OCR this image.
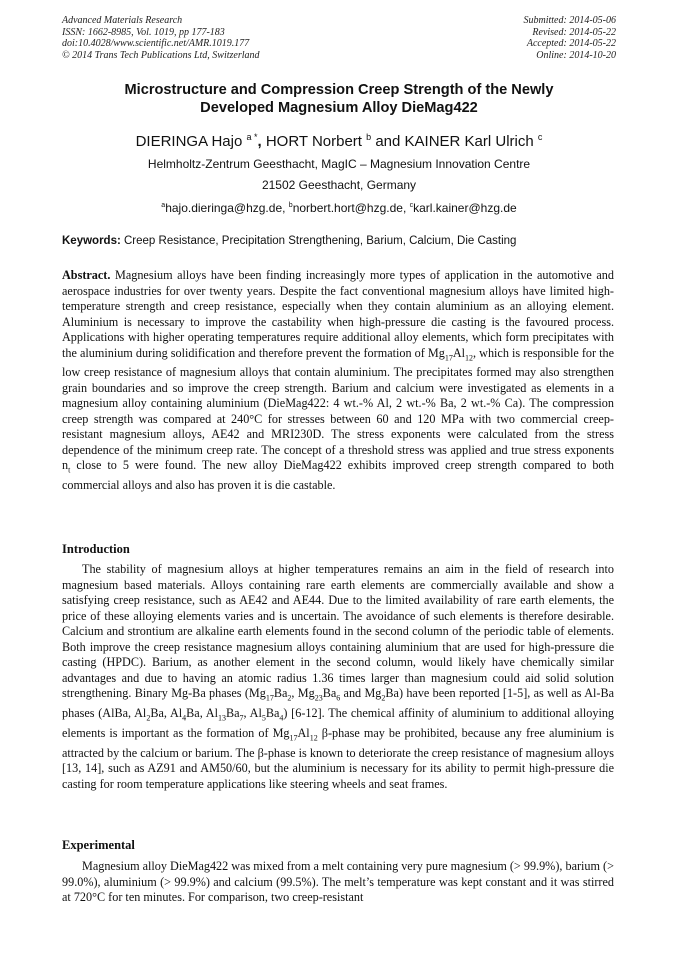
Advanced Materials Research
ISSN: 1662-8985, Vol. 1019, pp 177-183
doi:10.4028/www.scientific.net/AMR.1019.177
© 2014 Trans Tech Publications Ltd, Switzerland
Submitted: 2014-05-06
Revised: 2014-05-22
Accepted: 2014-05-22
Online: 2014-10-20
Microstructure and Compression Creep Strength of the Newly
Developed Magnesium Alloy DieMag422
DIERINGA Hajo $^{a *}$, HORT Norbert $^b$ and KAINER Karl Ulrich $^c$
Helmholtz-Zentrum Geesthacht, MagIC – Magnesium Innovation Centre
21502 Geesthacht, Germany
$^a$hajo.dieringa@hzg.de, $^b$norbert.hort@hzg.de, $^c$karl.kainer@hzg.de
Keywords: Creep Resistance, Precipitation Strengthening, Barium, Calcium, Die Casting

Abstract. Magnesium alloys have been finding increasingly more types of application in the automotive and aerospace industries for over twenty years. Despite the fact conventional magnesium alloys have limited high-temperature strength and creep resistance, especially when they contain aluminium as an alloying element. Aluminium is necessary to improve the castability when high-pressure die casting is the favoured process. Applications with higher operating temperatures require additional alloy elements, which form precipitates with the aluminium during solidification and therefore prevent the formation of $Mg_{17}Al_{12}$, which is responsible for the low creep resistance of magnesium alloys that contain aluminium. The precipitates formed may also strengthen grain boundaries and so improve the creep strength. Barium and calcium were investigated as elements in a magnesium alloy containing aluminium (DieMag422: 4 wt.-% Al, 2 wt.-% Ba, 2 wt.-% Ca). The compression creep strength was compared at 240°C for stresses between 60 and 120 MPa with two commercial creep-resistant magnesium alloys, AE42 and MRI230D. The stress exponents were calculated from the stress dependence of the minimum creep rate. The concept of a threshold stress was applied and true stress exponents $n_t$ close to 5 were found. The new alloy DieMag422 exhibits improved creep strength compared to both commercial alloys and also has proven it is die castable.

Introduction

The stability of magnesium alloys at higher temperatures remains an aim in the field of research into magnesium based materials. Alloys containing rare earth elements are commercially available and show a satisfying creep resistance, such as AE42 and AE44. Due to the limited availability of rare earth elements, the price of these alloying elements varies and is uncertain. The avoidance of such elements is therefore desirable. Calcium and strontium are alkaline earth elements found in the second column of the periodic table of elements. Both improve the creep resistance magnesium alloys containing aluminium that are used for high-pressure die casting (HPDC). Barium, as another element in the second column, would likely have chemically similar advantages and due to having an atomic radius 1.36 times larger than magnesium could aid solid solution strengthening. Binary Mg-Ba phases ($Mg_{17}Ba_2$, $Mg_{23}Ba_6$ and $Mg_2Ba$) have been reported [1-5], as well as Al-Ba phases (AlBa, $Al_2Ba$, $Al_4Ba$, $Al_{13}Ba_7$, $Al_5Ba_4$) [6-12]. The chemical affinity of aluminium to additional alloying elements is important as the formation of $Mg_{17}Al_{12}$ β-phase may be prohibited, because any free aluminium is attracted by the calcium or barium. The β-phase is known to deteriorate the creep resistance of magnesium alloys [13, 14], such as AZ91 and AM50/60, but the aluminium is necessary for its ability to permit high-pressure die casting for room temperature applications like steering wheels and seat frames.

Experimental

Magnesium alloy DieMag422 was mixed from a melt containing very pure magnesium (> 99.9%), barium (> 99.0%), aluminium (> 99.9%) and calcium (99.5%). The melt’s temperature was kept constant and it was stirred at 720°C for ten minutes. For comparison, two creep-resistant
